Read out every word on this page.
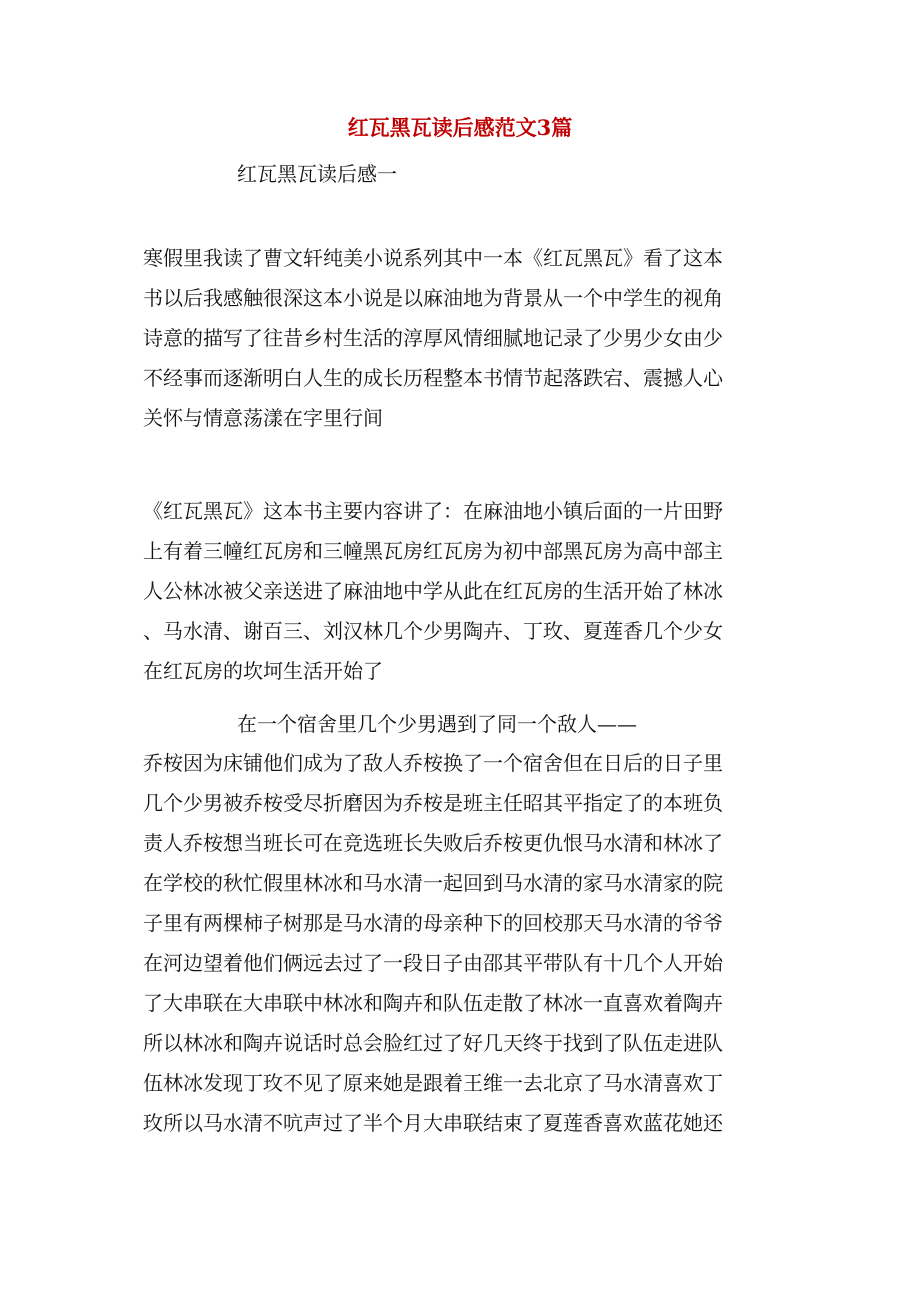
红瓦黑瓦读后感范文3篇

红瓦黑瓦读后感一

寒假里我读了曹文轩纯美小说系列其中一本《红瓦黑瓦》看了这本
书以后我感触很深这本小说是以麻油地为背景从一个中学生的视角
诗意的描写了往昔乡村生活的淳厚风情细腻地记录了少男少女由少
不经事而逐渐明白人生的成长历程整本书情节起落跌宕、震撼人心
关怀与情意荡漾在字里行间
《红瓦黑瓦》这本书主要内容讲了：在麻油地小镇后面的一片田野
上有着三幢红瓦房和三幢黑瓦房红瓦房为初中部黑瓦房为高中部主
人公林冰被父亲送进了麻油地中学从此在红瓦房的生活开始了林冰
、马水清、谢百三、刘汉林几个少男陶卉、丁玫、夏莲香几个少女
在红瓦房的坎坷生活开始了

在一个宿舍里几个少男遇到了同一个敌人——

乔桉因为床铺他们成为了敌人乔桉换了一个宿舍但在日后的日子里
几个少男被乔桉受尽折磨因为乔桉是班主任昭其平指定了的本班负
责人乔桉想当班长可在竞选班长失败后乔桉更仇恨马水清和林冰了
在学校的秋忙假里林冰和马水清一起回到马水清的家马水清家的院
子里有两棵柿子树那是马水清的母亲种下的回校那天马水清的爷爷
在河边望着他们俩远去过了一段日子由邵其平带队有十几个人开始
了大串联在大串联中林冰和陶卉和队伍走散了林冰一直喜欢着陶卉
所以林冰和陶卉说话时总会脸红过了好几天终于找到了队伍走进队
伍林冰发现丁玫不见了原来她是跟着王维一去北京了马水清喜欢丁
玫所以马水清不吭声过了半个月大串联结束了夏莲香喜欢蓝花她还
